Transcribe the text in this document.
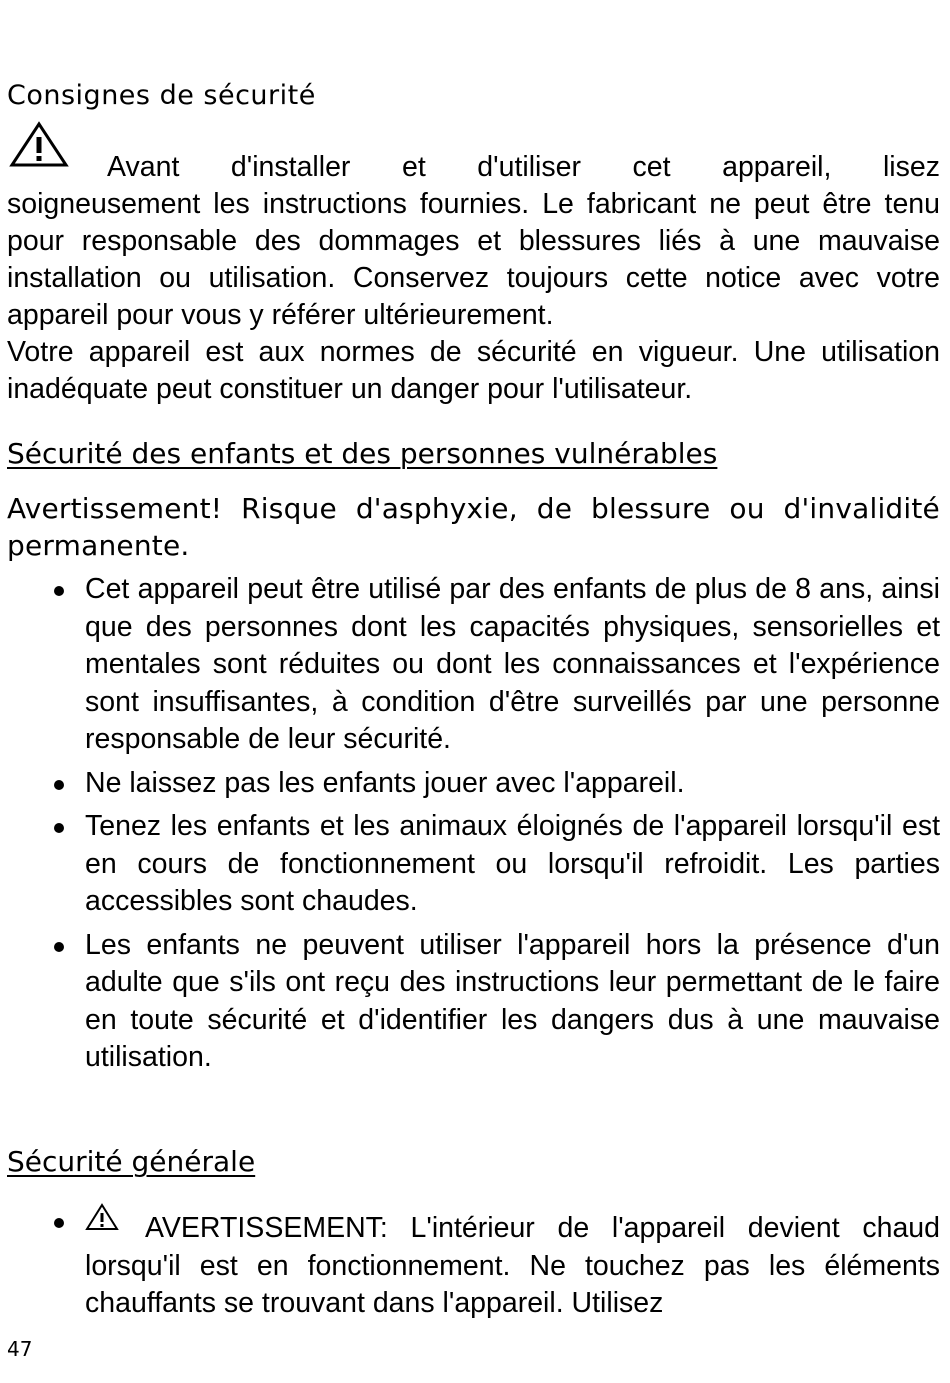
Consignes de sécurité

Avant d'installer et d'utiliser cet appareil, lisez

soigneusement les instructions fournies. Le fabricant ne peut être tenu pour responsable des dommages et blessures liés à une mauvaise installation ou utilisation. Conservez toujours cette notice avec votre appareil pour vous y référer ultérieurement.

Votre appareil est aux normes de sécurité en vigueur. Une utilisation inadéquate peut constituer un danger pour l'utilisateur.

Sécurité des enfants et des personnes vulnérables
Avertissement! Risque d'asphyxie, de blessure ou d'invalidité permanente.
Cet appareil peut être utilisé par des enfants de plus de 8 ans, ainsi que des personnes dont les capacités physiques, sensorielles et mentales sont réduites ou dont les connaissances et l'expérience sont insuffisantes, à condition d'être surveillés par une personne responsable de leur sécurité.
Ne laissez pas les enfants jouer avec l'appareil.
Tenez les enfants et les animaux éloignés de l'appareil lorsqu'il est en cours de fonctionnement ou lorsqu'il refroidit. Les parties accessibles sont chaudes.
Les enfants ne peuvent utiliser l'appareil hors la présence d'un adulte que s'ils ont reçu des instructions leur permettant de le faire en toute sécurité et d'identifier les dangers dus à une mauvaise utilisation.
Sécurité générale
AVERTISSEMENT: L'intérieur de l'appareil devient chaud lorsqu'il est en fonctionnement. Ne touchez pas les éléments chauffants se trouvant dans l'appareil. Utilisez
47
